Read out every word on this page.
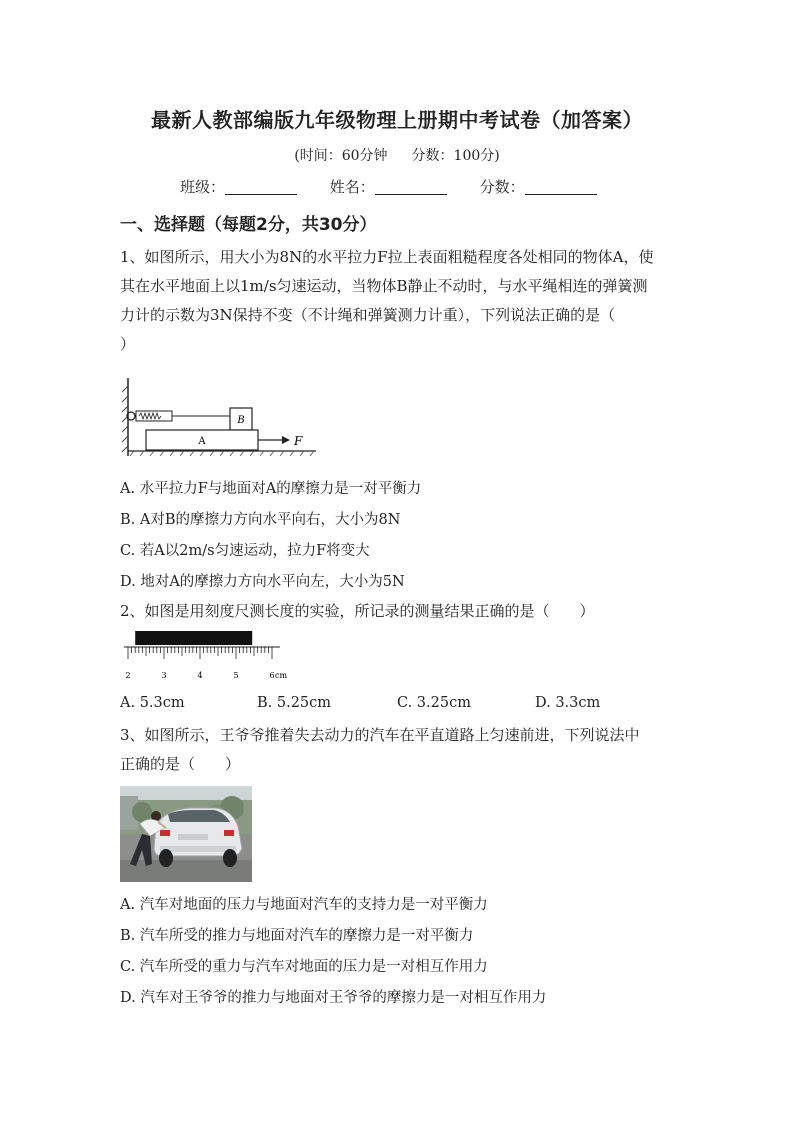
最新人教部编版九年级物理上册期中考试卷（加答案）
(时间：60分钟 分数：100分)
班级：	姓名：	分数：
一、选择题（每题2分，共30分）
1、如图所示，用大小为8N的水平拉力F拉上表面粗糙程度各处相同的物体A，使
其在水平地面上以1m/s匀速运动，当物体B静止不动时，与水平绳相连的弹簧测
力计的示数为3N保持不变（不计绳和弹簧测力计重），下列说法正确的是（
）
B
A	F
A. 水平拉力F与地面对A的摩擦力是一对平衡力
B. A对B的摩擦力方向水平向右，大小为8N
C. 若A以2m/s匀速运动，拉力F将变大
D. 地对A的摩擦力方向水平向左，大小为5N
2、如图是用刻度尺测长度的实验，所记录的测量结果正确的是（　　）
2	3	4	5	6 cm
A. 5.3cm	B. 5.25cm	C. 3.25cm	D. 3.3cm
3、如图所示，王爷爷推着失去动力的汽车在平直道路上匀速前进，下列说法中
正确的是（　　）
A. 汽车对地面的压力与地面对汽车的支持力是一对平衡力
B. 汽车所受的推力与地面对汽车的摩擦力是一对平衡力
C. 汽车所受的重力与汽车对地面的压力是一对相互作用力
D. 汽车对王爷爷的推力与地面对王爷爷的摩擦力是一对相互作用力
